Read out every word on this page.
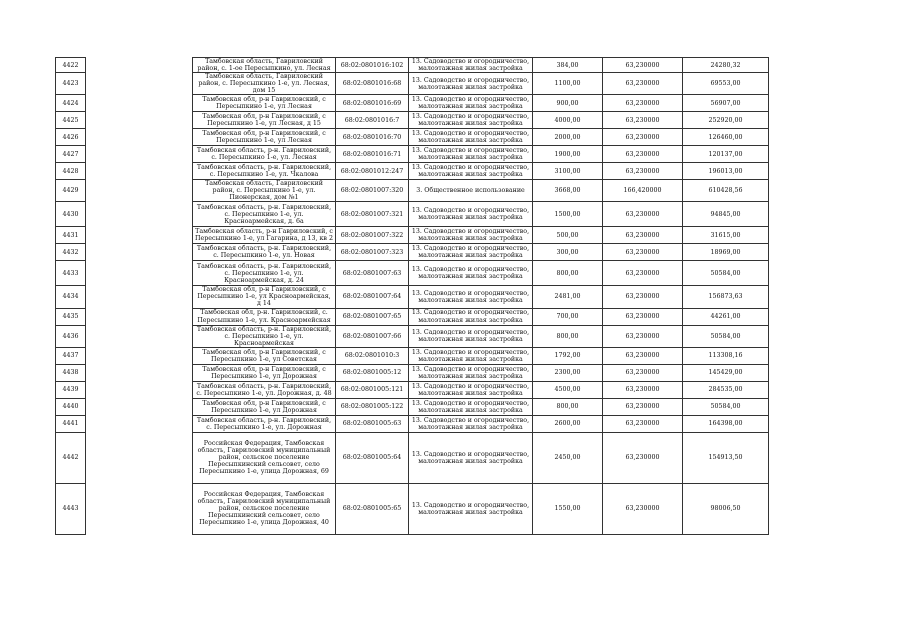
4422		Тамбовская область, Гавриловский район, с. 1-ое Пересыпкино, ул. Лесная	68:02:0801016:102	13. Садоводство и огородничество, малоэтажная жилая застройка	384,00	63,230000	24280,32
4423		Тамбовская область, Гавриловский район, с. Пересыпкино 1-е, ул. Лесная, дом 15	68:02:0801016:68	13. Садоводство и огородничество, малоэтажная жилая застройка	1100,00	63,230000	69553,00
4424		Тамбовская обл, р-н Гавриловский, с Пересыпкино 1-е, ул Лесная	68:02:0801016:69	13. Садоводство и огородничество, малоэтажная жилая застройка	900,00	63,230000	56907,00
4425		Тамбовская обл, р-н Гавриловский, с Пересыпкино 1-е, ул Лесная, д 15	68:02:0801016:7	13. Садоводство и огородничество, малоэтажная жилая застройка	4000,00	63,230000	252920,00
4426		Тамбовская обл, р-н Гавриловский, с Пересыпкино 1-е, ул Лесная	68:02:0801016:70	13. Садоводство и огородничество, малоэтажная жилая застройка	2000,00	63,230000	126460,00
4427		Тамбовская область, р-н. Гавриловский, с. Пересыпкино 1-е, ул. Лесная	68:02:0801016:71	13. Садоводство и огородничество, малоэтажная жилая застройка	1900,00	63,230000	120137,00
4428		Тамбовская область, р-н. Гавриловский, с. Пересыпкино 1-е, ул. Чкалова	68:02:0801012:247	13. Садоводство и огородничество, малоэтажная жилая застройка	3100,00	63,230000	196013,00
4429		Тамбовская область, Гавриловский район, с. Пересыпкино 1-е, ул. Пионерская, дом №1	68:02:0801007:320	3. Общественное использование	3668,00	166,420000	610428,56
4430		Тамбовская область, р-н. Гавриловский, с. Пересыпкино 1-е, ул. Красноармейская, д. 6а	68:02:0801007:321	13. Садоводство и огородничество, малоэтажная жилая застройка	1500,00	63,230000	94845,00
4431		Тамбовская область, р-н Гавриловский, с Пересыпкино 1-е, ул Гагарина, д 13, кв 2	68:02:0801007:322	13. Садоводство и огородничество, малоэтажная жилая застройка	500,00	63,230000	31615,00
4432		Тамбовская область, р-н. Гавриловский, с. Пересыпкино 1-е, ул. Новая	68:02:0801007:323	13. Садоводство и огородничество, малоэтажная жилая застройка	300,00	63,230000	18969,00
4433		Тамбовская область, р-н. Гавриловский, с. Пересыпкино 1-е, ул. Красноармейская, д. 24	68:02:0801007:63	13. Садоводство и огородничество, малоэтажная жилая застройка	800,00	63,230000	50584,00
4434		Тамбовская обл, р-н Гавриловский, с Пересыпкино 1-е, ул Красноармейская, д 14	68:02:0801007:64	13. Садоводство и огородничество, малоэтажная жилая застройка	2481,00	63,230000	156873,63
4435		Тамбовская обл, р-н. Гавриловский, с. Пересыпкино 1-е, ул. Красноармейская	68:02:0801007:65	13. Садоводство и огородничество, малоэтажная жилая застройка	700,00	63,230000	44261,00
4436		Тамбовская область, р-н. Гавриловский, с. Пересыпкино 1-е, ул. Красноармейская	68:02:0801007:66	13. Садоводство и огородничество, малоэтажная жилая застройка	800,00	63,230000	50584,00
4437		Тамбовская обл, р-н Гавриловский, с Пересыпкино 1-е, ул Советская	68:02:0801010:3	13. Садоводство и огородничество, малоэтажная жилая застройка	1792,00	63,230000	113308,16
4438		Тамбовская обл, р-н Гавриловский, с Пересыпкино 1-е, ул Дорожная	68:02:0801005:12	13. Садоводство и огородничество, малоэтажная жилая застройка	2300,00	63,230000	145429,00
4439		Тамбовская область, р-н. Гавриловский, с. Пересыпкино 1-е, ул. Дорожная, д. 48	68:02:0801005:121	13. Садоводство и огородничество, малоэтажная жилая застройка	4500,00	63,230000	284535,00
4440		Тамбовская обл, р-н Гавриловский, с Пересыпкино 1-е, ул Дорожная	68:02:0801005:122	13. Садоводство и огородничество, малоэтажная жилая застройка	800,00	63,230000	50584,00
4441		Тамбовская область, р-н. Гавриловский, с. Пересыпкино 1-е, ул. Дорожная	68:02:0801005:63	13. Садоводство и огородничество, малоэтажная жилая застройка	2600,00	63,230000	164398,00
4442		Российская Федерация, Тамбовская область, Гавриловский муниципальный район, сельское поселение Пересыпкинский сельсовет, село Пересыпкино 1-е, улица Дорожная, 69	68:02:0801005:64	13. Садоводство и огородничество, малоэтажная жилая застройка	2450,00	63,230000	154913,50
4443		Российская Федерация, Тамбовская область, Гавриловский муниципальный район, сельское поселение Пересыпкинский сельсовет, село Пересыпкино 1-е, улица Дорожная, 40	68:02:0801005:65	13. Садоводство и огородничество, малоэтажная жилая застройка	1550,00	63,230000	98006,50
